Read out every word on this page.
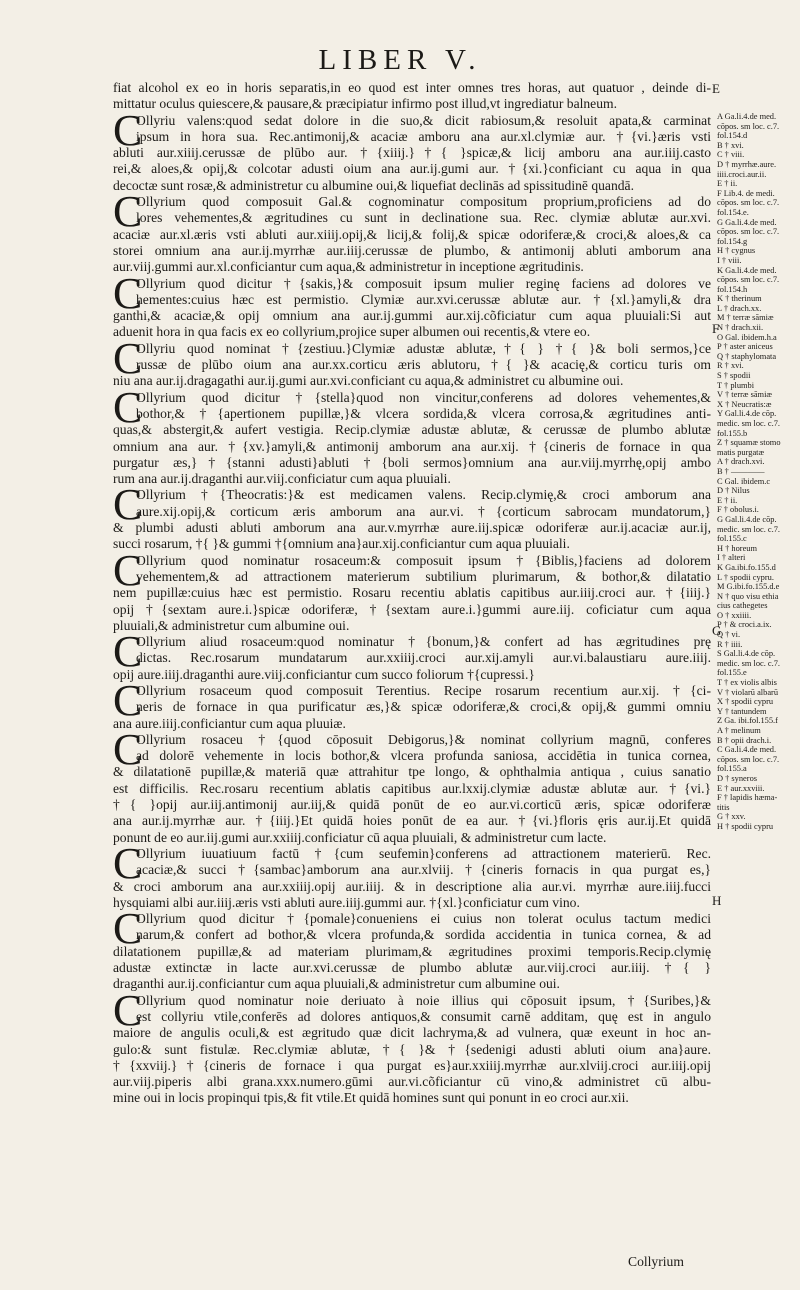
LIBER V.
fiat alcohol ex eo in horis separatis,in eo quod est inter omnes tres horas, aut quatuor , deinde di-
mittatur oculus quiescere,& pausare,& præcipiatur infirmo post illud,vt ingrediatur balneum.
C
Ollyriu valens:quod sedat dolore in die suo,& dicit rabiosum,& resoluit apata,& carminat
ipsum in hora sua. Rec.antimonij,& acaciæ amboru ana aur.xl.clymiæ aur. †{vi.}æris vsti
abluti aur.xiiij.cerussæ de plūbo aur. †{xiiij.}†{ }spicæ,& licij amboru ana aur.iiij.casto
rei,& aloes,& opij,& colcotar adusti oium ana aur.ij.gumi aur. †{xi.}conficiant cu aqua in qua
decoctæ sunt rosæ,& administretur cu albumine oui,& liquefiat declinās ad spissitudinē quandā.
C
Ollyrium quod composuit Gal.& cognominatur compositum proprium,proficiens ad do
lores vehementes,& ægritudines cu sunt in declinatione sua. Rec. clymiæ ablutæ aur.xvi.
acaciæ aur.xl.æris vsti abluti aur.xiiij.opij,& licij,& folij,& spicæ odoriferæ,& croci,& aloes,& ca
storei omnium ana aur.ij.myrrhæ aur.iiij.cerussæ de plumbo, & antimonij abluti amborum ana
aur.viij.gummi aur.xl.conficiantur cum aqua,& administretur in inceptione ægritudinis.
C
Ollyrium quod dicitur †{sakis,}& composuit ipsum mulier reginę faciens ad dolores ve
hementes:cuius hæc est permistio. Clymiæ aur.xvi.cerussæ ablutæ aur. †{xl.}amyli,& dra
ganthi,& acaciæ,& opij omnium ana aur.ij.gummi aur.xij.cõficiatur cum aqua pluuiali:Si aut
aduenit hora in qua facis ex eo collyrium,projice super albumen oui recentis,& vtere eo.
C
Ollyriu quod nominat †{zestiuu.}Clymiæ adustæ ablutæ,†{ } †{ }& boli sermos,}ce
russæ de plūbo oium ana aur.xx.corticu æris ablutoru, †{ }& acacię,& corticu turis om
niu ana aur.ij.dragagathi aur.ij.gumi aur.xvi.conficiant cu aqua,& administret cu albumine oui.
C
Ollyrium quod dicitur †{stella}quod non vincitur,conferens ad dolores vehementes,&
bothor,& †{apertionem pupillæ,}& vlcera sordida,& vlcera corrosa,& ægritudines anti-
quas,& abstergit,& aufert vestigia. Recip.clymiæ adustæ ablutæ, & cerussæ de plumbo ablutæ
omnium ana aur. †{xv.}amyli,& antimonij amborum ana aur.xij. †{cineris de fornace in qua
purgatur æs,}†{stanni adusti}abluti †{boli sermos}omnium ana aur.viij.myrrhę,opij ambo
rum ana aur.ij.draganthi aur.viij.conficiatur cum aqua pluuiali.
C
Ollyrium †{Theocratis:}& est medicamen valens. Recip.clymię,& croci amborum ana
aure.xij.opij,& corticum æris amborum ana aur.vi. †{corticum sabrocam mundatorum,}
& plumbi adusti abluti amborum ana aur.v.myrrhæ aure.iij.spicæ odoriferæ aur.ij.acaciæ aur.ij,
succi rosarum, †{ }& gummi †{omnium ana}aur.xij.conficiantur cum aqua pluuiali.
C
Ollyrium quod nominatur rosaceum:& composuit ipsum †{Biblis,}faciens ad dolorem
vehementem,& ad attractionem materierum subtilium plurimarum, & bothor,& dilatatio
nem pupillæ:cuius hæc est permistio. Rosaru recentiu ablatis capitibus aur.iiij.croci aur. †{iiij.}
opij †{sextam aure.i.}spicæ odoriferæ, †{sextam aure.i.}gummi aure.iij. coficiatur cum aqua
pluuiali,& administretur cum albumine oui.
C
Ollyrium aliud rosaceum:quod nominatur †{bonum,}& confert ad has ægritudines prę
dictas. Rec.rosarum mundatarum aur.xxiiij.croci aur.xij.amyli aur.vi.balaustiaru aure.iiij.
opij aure.iiij.draganthi aure.viij.conficiantur cum succo foliorum †{cupressi.}
C
Ollyrium rosaceum quod composuit Terentius. Recipe rosarum recentium aur.xij. †{ci-
neris de fornace in qua purificatur æs,}& spicæ odoriferæ,& croci,& opij,& gummi omniu
ana aure.iiij.conficiantur cum aqua pluuiæ.
C
Ollyrium rosaceu †{quod cōposuit Debigorus,}& nominat collyrium magnū, conferes
ad dolorē vehemente in locis bothor,& vlcera profunda saniosa, accidētia in tunica cornea,
& dilatationē pupillæ,& materiā quæ attrahitur tpe longo, & ophthalmia antiqua , cuius sanatio
est difficilis. Rec.rosaru recentium ablatis capitibus aur.lxxij.clymiæ adustæ ablutæ aur. †{vi.}
†{ }opij aur.iij.antimonij aur.iij,& quidā ponūt de eo aur.vi.corticū æris, spicæ odoriferæ
ana aur.ij.myrrhæ aur. †{iiij.}Et quidā hoies ponūt de ea aur. †{vi.}floris ęris aur.ij.Et quidā
ponunt de eo aur.iij.gumi aur.xxiiij.conficiatur cū aqua pluuiali, & administretur cum lacte.
C
Ollyrium iuuatiuum factū †{cum seufemin}conferens ad attractionem materierū. Rec.
acaciæ,& succi †{sambac}amborum ana aur.xlviij. †{cineris fornacis in qua purgat es,}
& croci amborum ana aur.xxiiij.opij aur.iiij. & in descriptione alia aur.vi. myrrhæ aure.iiij.fucci
hysquiami albi aur.iiij.æris vsti abluti aure.iiij.gummi aur. †{xl.}conficiatur cum vino.
C
Ollyrium quod dicitur †{pomale}conueniens ei cuius non tolerat oculus tactum medici
narum,& confert ad bothor,& vlcera profunda,& sordida accidentia in tunica cornea, & ad
dilatationem pupillæ,& ad materiam plurimam,& ægritudines proximi temporis.Recip.clymię
adustæ extinctæ in lacte aur.xvi.cerussæ de plumbo ablutæ aur.viij.croci aur.iiij. †{ }
draganthi aur.ij.conficiantur cum aqua pluuiali,& administretur cum albumine oui.
C
Ollyrium quod nominatur noie deriuato à noie illius qui cōposuit ipsum, †{Suribes,}&
est collyriu vtile,conferēs ad dolores antiquos,& consumit carnē additam, quę est in angulo
maiore de angulis oculi,& est ægritudo quæ dicit lachryma,& ad vulnera, quæ exeunt in hoc an-
gulo:& sunt fistulæ. Rec.clymiæ ablutæ, †{ }& †{sedenigi adusti abluti oium ana}aure.
†{xxviij.}†{cineris de fornace i qua purgat es}aur.xxiiij.myrrhæ aur.xlviij.croci aur.iiij.opij
aur.viij.piperis albi grana.xxx.numero.gūmi aur.vi.cõficiantur cū vino,& administret cū albu-
mine oui in locis propinqui tpis,& fit vtile.Et quidā homines sunt qui ponunt in eo croci aur.xii.
E
F
G
H
A Ga.li.4.de med.
cōpos. sm loc. c.7.
fol.154.d
B † xvi.
C † viii.
D † myrrhæ.aure.
iiii.croci.aur.ii.
E † ii.
F Lib.4. de medi.
cōpos. sm loc. c.7.
fol.154.e.
G Ga.li.4.de med.
cōpos. sm loc. c.7.
fol.154.g
H † cygnus
I † viii.
K Ga.li.4.de med.
cōpos. sm loc. c.7.
fol.154.h
K † therinum
L † drach.xx.
M † terræ sāmiæ
N † drach.xii.
O Gal. ibidem.h.a
P † aster aniceus
Q † staphylomata
R † xvi.
S † spodii
T † plumbi
V † terræ sāmiæ
X † Neucratis:æ
Y Gal.li.4.de cōp.
medic. sm loc. c.7.
fol.155.b
Z † squamæ stomo
matis purgatæ
A † drach.xvi.
B † ————
C Gal. ibidem.c
D † Nilus
E † ii.
F † obolus.i.
G Gal.li.4.de cōp.
medic. sm loc. c.7.
fol.155.c
H † horeum
I † alteri
K Ga.ibi.fo.155.d
L † spodii cypru.
M G.ibi.fo.155.d.e
N † quo visu ethia
cius cathegetes
O † xxiiii.
P † & croci.a.ix.
Q † vi.
R † iiii.
S Gal.li.4.de cōp.
medic. sm loc. c.7.
fol.155.e
T † ex violis albis
V † violarū albarū
X † spodii cypru
Y † tantundem
Z Ga. ibi.fol.155.f
A † melinum
B † opii drach.i.
C Ga.li.4.de med.
cōpos. sm loc. c.7.
fol.155.a
D † syneros
E † aur.xxviii.
F † lapidis hæma-
titis
G † xxv.
H † spodii cypru
Collyrium
